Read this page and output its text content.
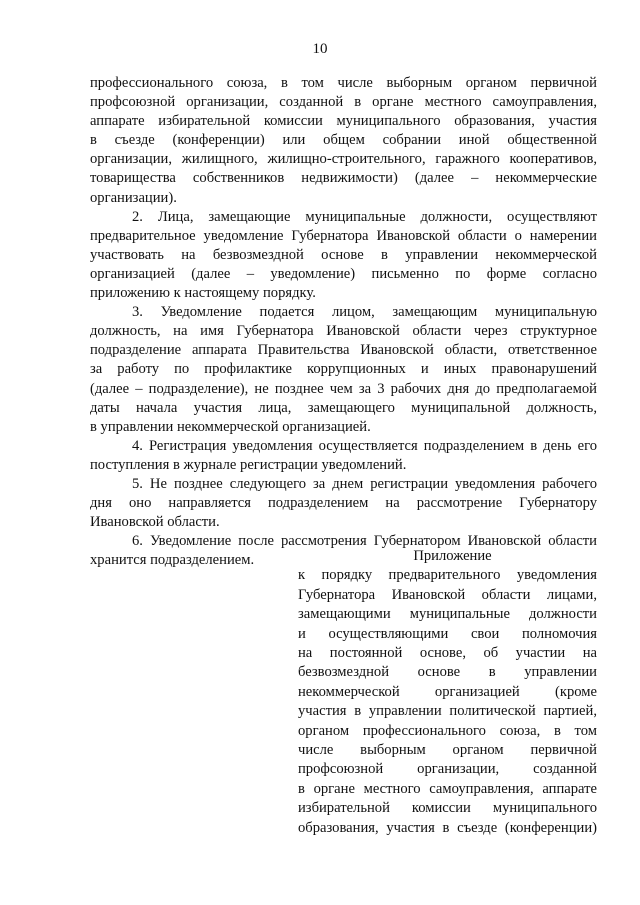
10
профессионального союза, в том числе выборным органом первичной
профсоюзной организации, созданной в органе местного самоуправления,
аппарате избирательной комиссии муниципального образования, участия
в съезде (конференции) или общем собрании иной общественной
организации, жилищного, жилищно-строительного, гаражного кооперативов,
товарищества собственников недвижимости) (далее – некоммерческие
организации).
2. Лица, замещающие муниципальные должности, осуществляют
предварительное уведомление Губернатора Ивановской области о намерении
участвовать на безвозмездной основе в управлении некоммерческой
организацией (далее – уведомление) письменно по форме согласно
приложению к настоящему порядку.
3. Уведомление подается лицом, замещающим муниципальную
должность, на имя Губернатора Ивановской области через структурное
подразделение аппарата Правительства Ивановской области, ответственное
за работу по профилактике коррупционных и иных правонарушений
(далее – подразделение), не позднее чем за 3 рабочих дня до предполагаемой
даты начала участия лица, замещающего муниципальной должность,
в управлении некоммерческой организацией.
4. Регистрация уведомления осуществляется подразделением в день его
поступления в журнале регистрации уведомлений.
5. Не позднее следующего за днем регистрации уведомления рабочего
дня оно направляется подразделением на рассмотрение Губернатору
Ивановской области.
6. Уведомление после рассмотрения Губернатором Ивановской области
хранится подразделением.	Приложение
к порядку предварительного уведомления
Губернатора Ивановской области лицами,
замещающими муниципальные должности
и осуществляющими свои полномочия
на постоянной основе, об участии на
безвозмездной основе в управлении
некоммерческой организацией (кроме
участия в управлении политической партией,
органом профессионального союза, в том
числе выборным органом первичной
профсоюзной организации, созданной
в органе местного самоуправления, аппарате
избирательной комиссии муниципального
образования, участия в съезде (конференции)
